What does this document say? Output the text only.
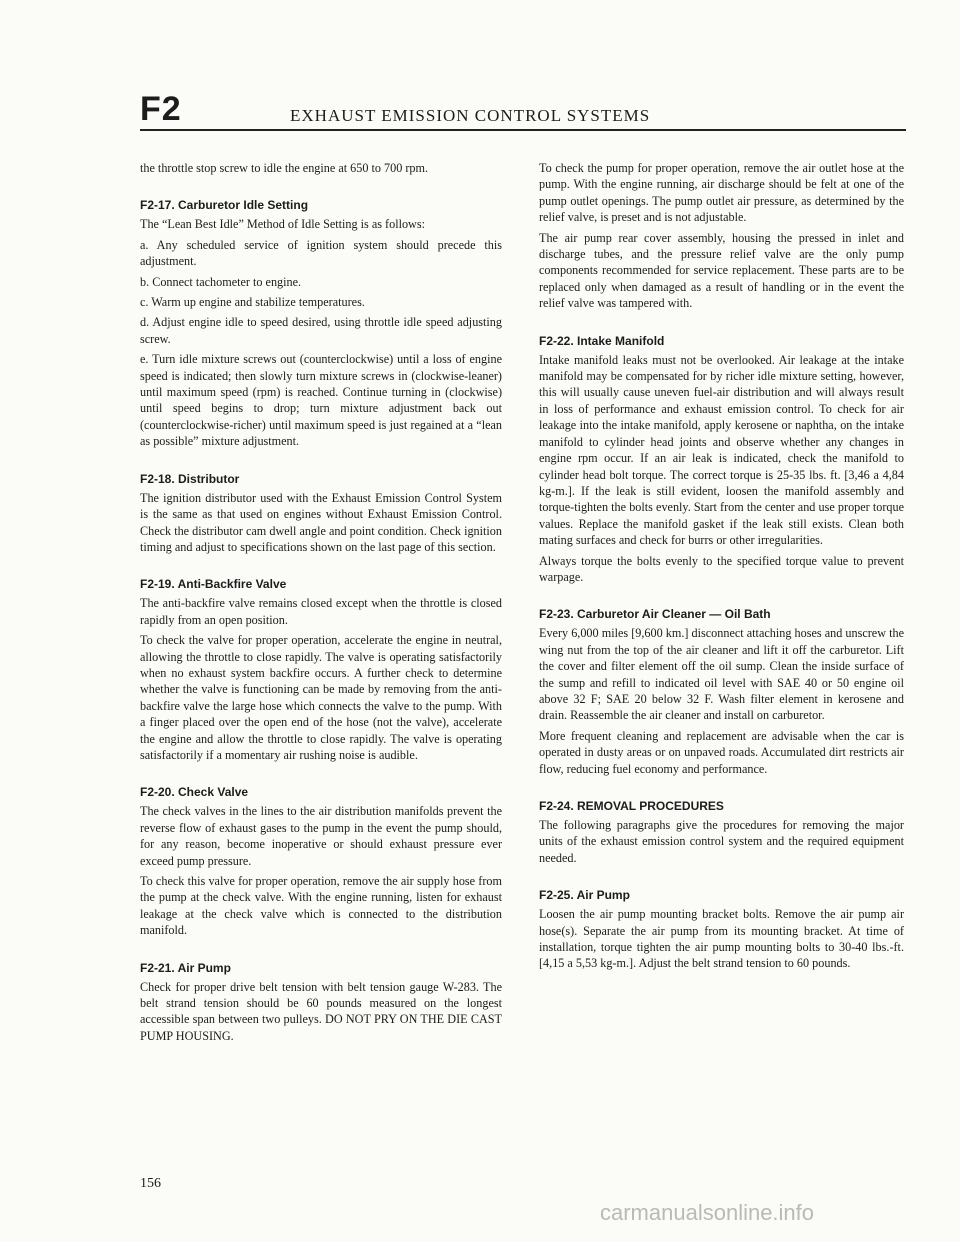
F2	EXHAUST EMISSION CONTROL SYSTEMS

the throttle stop screw to idle the engine at 650 to 700 rpm.

F2-17. Carburetor Idle Setting

The “Lean Best Idle” Method of Idle Setting is as follows:

a. Any scheduled service of ignition system should precede this adjustment.

b. Connect tachometer to engine.

c. Warm up engine and stabilize temperatures.

d. Adjust engine idle to speed desired, using throttle idle speed adjusting screw.

e. Turn idle mixture screws out (counterclockwise) until a loss of engine speed is indicated; then slowly turn mixture screws in (clockwise-leaner) until maximum speed (rpm) is reached. Continue turning in (clockwise) until speed begins to drop; turn mixture adjustment back out (counterclockwise-richer) until maximum speed is just regained at a “lean as possible” mixture adjustment.

F2-18. Distributor

The ignition distributor used with the Exhaust Emission Control System is the same as that used on engines without Exhaust Emission Control. Check the distributor cam dwell angle and point condition. Check ignition timing and adjust to specifications shown on the last page of this section.

F2-19. Anti-Backfire Valve

The anti-backfire valve remains closed except when the throttle is closed rapidly from an open position.

To check the valve for proper operation, accelerate the engine in neutral, allowing the throttle to close rapidly. The valve is operating satisfactorily when no exhaust system backfire occurs. A further check to determine whether the valve is functioning can be made by removing from the anti-backfire valve the large hose which connects the valve to the pump. With a finger placed over the open end of the hose (not the valve), accelerate the engine and allow the throttle to close rapidly. The valve is operating satisfactorily if a momentary air rushing noise is audible.

F2-20. Check Valve

The check valves in the lines to the air distribution manifolds prevent the reverse flow of exhaust gases to the pump in the event the pump should, for any reason, become inoperative or should exhaust pressure ever exceed pump pressure.

To check this valve for proper operation, remove the air supply hose from the pump at the check valve. With the engine running, listen for exhaust leakage at the check valve which is connected to the distribution manifold.

F2-21. Air Pump

Check for proper drive belt tension with belt tension gauge W-283. The belt strand tension should be 60 pounds measured on the longest accessible span between two pulleys. DO NOT PRY ON THE DIE CAST PUMP HOUSING.

To check the pump for proper operation, remove the air outlet hose at the pump. With the engine running, air discharge should be felt at one of the pump outlet openings. The pump outlet air pressure, as determined by the relief valve, is preset and is not adjustable.

The air pump rear cover assembly, housing the pressed in inlet and discharge tubes, and the pressure relief valve are the only pump components recommended for service replacement. These parts are to be replaced only when damaged as a result of handling or in the event the relief valve was tampered with.

F2-22. Intake Manifold

Intake manifold leaks must not be overlooked. Air leakage at the intake manifold may be compensated for by richer idle mixture setting, however, this will usually cause uneven fuel-air distribution and will always result in loss of performance and exhaust emission control. To check for air leakage into the intake manifold, apply kerosene or naphtha, on the intake manifold to cylinder head joints and observe whether any changes in engine rpm occur. If an air leak is indicated, check the manifold to cylinder head bolt torque. The correct torque is 25-35 lbs. ft. [3,46 a 4,84 kg-m.]. If the leak is still evident, loosen the manifold assembly and torque-tighten the bolts evenly. Start from the center and use proper torque values. Replace the manifold gasket if the leak still exists. Clean both mating surfaces and check for burrs or other irregularities.

Always torque the bolts evenly to the specified torque value to prevent warpage.

F2-23. Carburetor Air Cleaner — Oil Bath

Every 6,000 miles [9,600 km.] disconnect attaching hoses and unscrew the wing nut from the top of the air cleaner and lift it off the carburetor. Lift the cover and filter element off the oil sump. Clean the inside surface of the sump and refill to indicated oil level with SAE 40 or 50 engine oil above 32 F; SAE 20 below 32 F. Wash filter element in kerosene and drain. Reassemble the air cleaner and install on carburetor.

More frequent cleaning and replacement are advisable when the car is operated in dusty areas or on unpaved roads. Accumulated dirt restricts air flow, reducing fuel economy and performance.

F2-24. REMOVAL PROCEDURES

The following paragraphs give the procedures for removing the major units of the exhaust emission control system and the required equipment needed.

F2-25. Air Pump

Loosen the air pump mounting bracket bolts. Remove the air pump air hose(s). Separate the air pump from its mounting bracket. At time of installation, torque tighten the air pump mounting bolts to 30-40 lbs.-ft. [4,15 a 5,53 kg-m.]. Adjust the belt strand tension to 60 pounds.

156
carmanualsonline.info
